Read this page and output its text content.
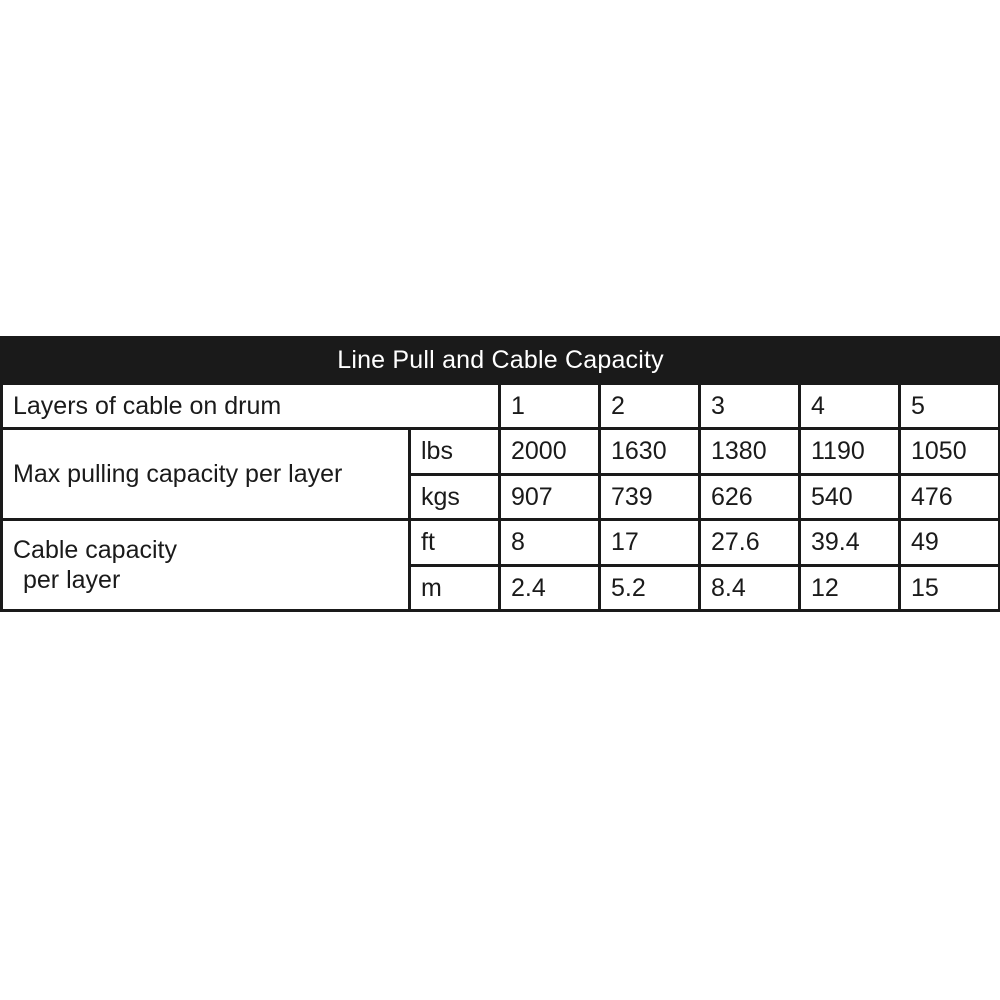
Line Pull and Cable Capacity						
Layers of cable on drum		1	2	3	4	5
Max pulling capacity per layer	lbs	2000	1630	1380	1190	1050
	kgs	907	739	626	540	476
Cable capacity
per layer	ft	8	17	27.6	39.4	49
	m	2.4	5.2	8.4	12	15
